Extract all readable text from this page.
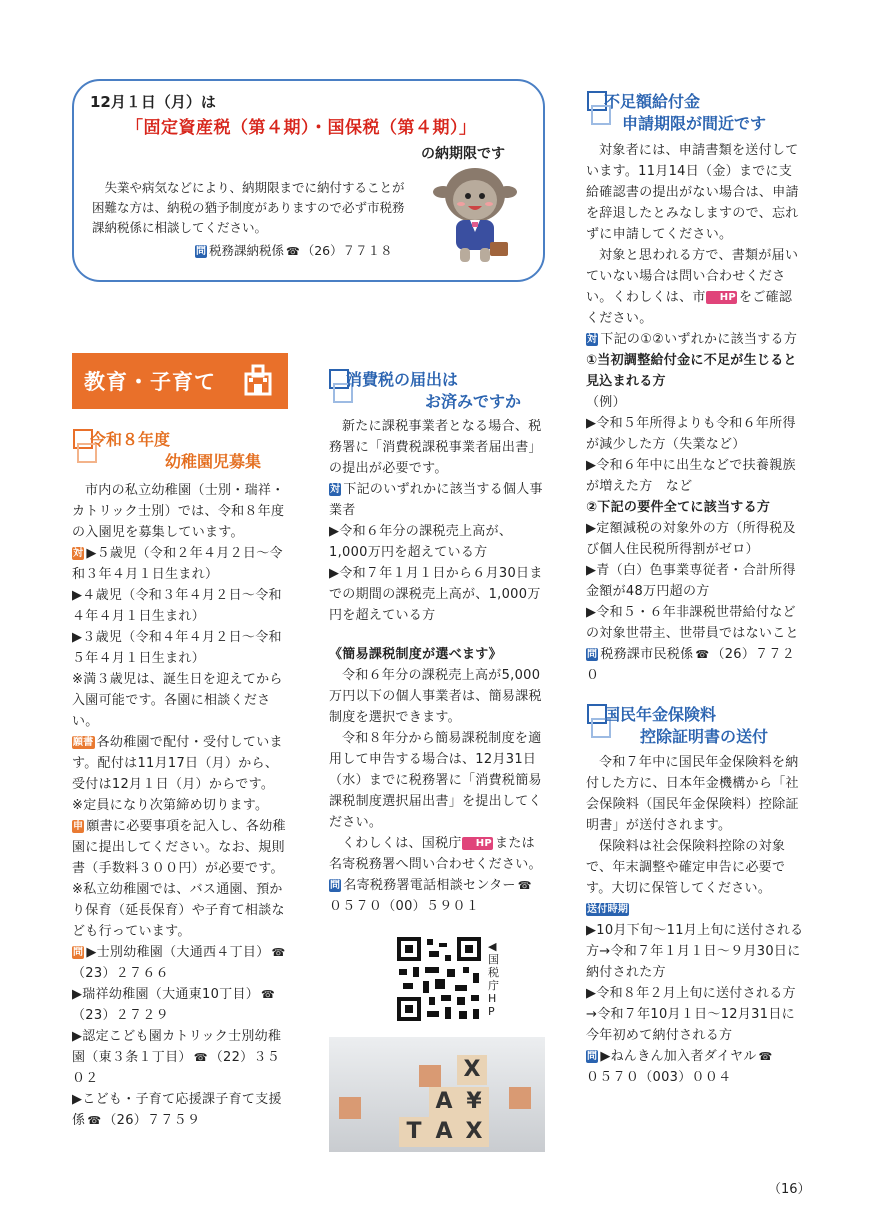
12月１日（月）は
「固定資産税（第４期）・国保税（第４期）」
の納期限です
失業や病気などにより、納期限までに納付することが困難な方は、納税の猶予制度がありますので必ず市税務課納税係に相談してください。
問 税務課納税係 ☎ （26）７７１８
教育・子育て
令和８年度
幼稚園児募集
市内の私立幼稚園（士別・瑞祥・カトリック士別）では、令和８年度の入園児を募集しています。
対 ▶５歳児（令和２年４月２日〜令和３年４月１日生まれ）
▶４歳児（令和３年４月２日〜令和４年４月１日生まれ）
▶３歳児（令和４年４月２日〜令和５年４月１日生まれ）
※満３歳児は、誕生日を迎えてから入園可能です。各園に相談ください。
願書 各幼稚園で配付・受付しています。配付は11月17日（月）から、受付は12月１日（月）からです。
※定員になり次第締め切ります。
申 願書に必要事項を記入し、各幼稚園に提出してください。なお、規則書（手数料３００円）が必要です。
※私立幼稚園では、バス通園、預かり保育（延長保育）や子育て相談なども行っています。
問 ▶士別幼稚園（大通西４丁目） ☎
（23）２７６６
▶瑞祥幼稚園（大通東10丁目） ☎
（23）２７２９
▶認定こども園カトリック士別幼稚園（東３条１丁目） ☎ （22）３５０２
▶こども・子育て応援課子育て支援係 ☎ （26）７７５９
消費税の届出は
お済みですか
新たに課税事業者となる場合、税務署に「消費税課税事業者届出書」の提出が必要です。
対 下記のいずれかに該当する個人事業者
▶令和６年分の課税売上高が、1,000万円を超えている方
▶令和７年１月１日から６月30日までの期間の課税売上高が、1,000万円を超えている方
《簡易課税制度が選べます》
令和６年分の課税売上高が5,000万円以下の個人事業者は、簡易課税制度を選択できます。
令和８年分から簡易課税制度を適用して申告する場合は、12月31日（水）までに税務署に「消費税簡易課税制度選択届出書」を提出してください。
くわしくは、国税庁 HP または名寄税務署へ問い合わせください。
問 名寄税務署電話相談センター ☎
０５７０（00）５９０１
◀国税庁HP
X
A ¥
T A X
不足額給付金
申請期限が間近です
対象者には、申請書類を送付しています。11月14日（金）までに支給確認書の提出がない場合は、申請を辞退したとみなしますので、忘れずに申請してください。
対象と思われる方で、書類が届いていない場合は問い合わせください。くわしくは、市 HP をご確認ください。
対 下記の①②いずれかに該当する方
①当初調整給付金に不足が生じると見込まれる方
（例）
▶令和５年所得よりも令和６年所得が減少した方（失業など）
▶令和６年中に出生などで扶養親族が増えた方　など
②下記の要件全てに該当する方
▶定額減税の対象外の方（所得税及び個人住民税所得割がゼロ）
▶青（白）色事業専従者・合計所得金額が48万円超の方
▶令和５・６年非課税世帯給付などの対象世帯主、世帯員ではないこと
問 税務課市民税係 ☎ （26）７７２０
国民年金保険料
控除証明書の送付
令和７年中に国民年金保険料を納付した方に、日本年金機構から「社会保険料（国民年金保険料）控除証明書」が送付されます。
保険料は社会保険料控除の対象で、年末調整や確定申告に必要です。大切に保管してください。
送付時期
▶10月下旬〜11月上旬に送付される方→令和７年１月１日〜９月30日に納付された方
▶令和８年２月上旬に送付される方→令和７年10月１日〜12月31日に今年初めて納付される方
問 ▶ねんきん加入者ダイヤル ☎
０５７０（003）００４
（16）
